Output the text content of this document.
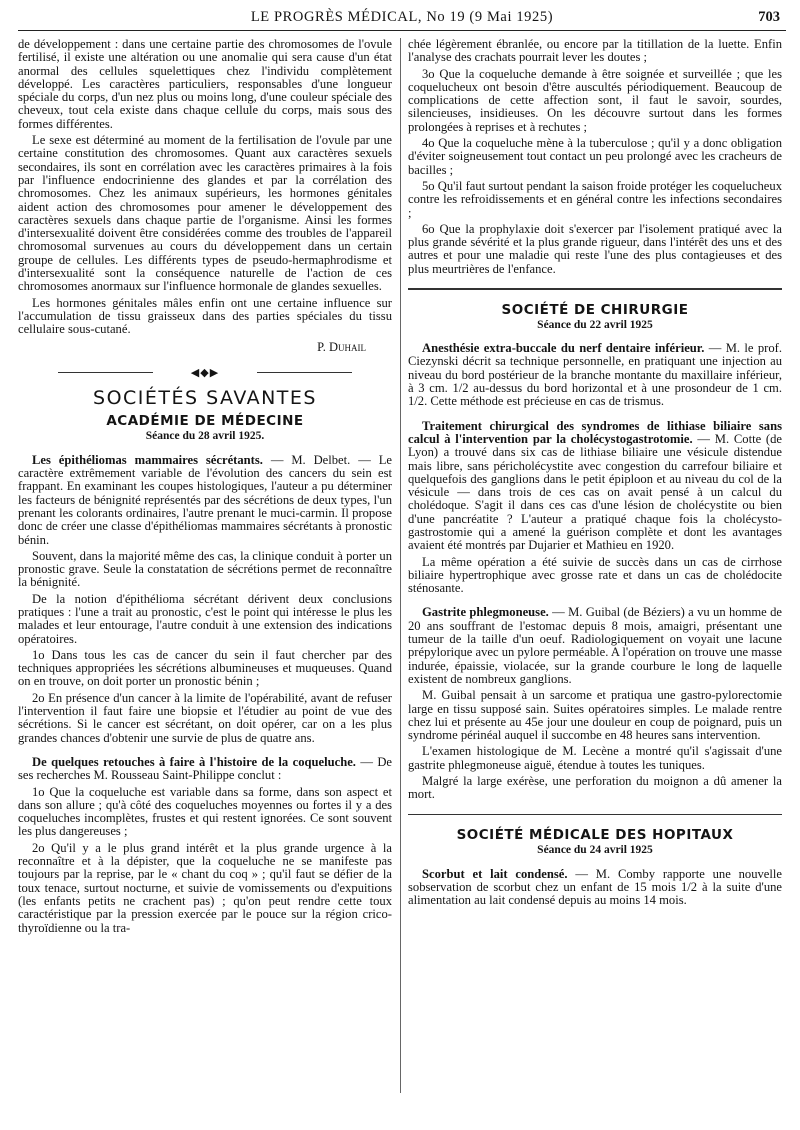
LE PROGRÈS MÉDICAL, No 19 (9 Mai 1925)	703

de développement : dans une certaine partie des chromosomes de l'ovule fertilisé, il existe une altération ou une anomalie qui sera cause d'un état anormal des cellules squelettiques chez l'individu complètement développé. Les caractères particuliers, responsables d'une longueur spéciale du corps, d'un nez plus ou moins long, d'une couleur spéciale des cheveux, tout cela existe dans chaque cellule du corps, mais sous des formes différentes.

Le sexe est déterminé au moment de la fertilisation de l'ovule par une certaine constitution des chromosomes. Quant aux caractères sexuels secondaires, ils sont en corrélation avec les caractères primaires à la fois par l'influence endocrinienne des glandes et par la corrélation des chromosomes. Chez les animaux supérieurs, les hormones génitales aident action des chromosomes pour amener le développement des caractères sexuels dans chaque partie de l'organisme. Ainsi les formes d'intersexualité doivent être considérées comme des troubles de l'appareil chromosomal survenues au cours du développement dans un certain groupe de cellules. Les différents types de pseudo-hermaphrodisme et d'intersexualité sont la conséquence naturelle de l'action de ces chromosomes anormaux sur l'influence hormonale de glandes sexuelles.

Les hormones génitales mâles enfin ont une certaine influence sur l'accumulation de tissu graisseux dans des parties spéciales du tissu cellulaire sous-cutané.

P. Duhail
◀◆▶
SOCIÉTÉS SAVANTES
ACADÉMIE DE MÉDECINE
Séance du 28 avril 1925.

Les épithéliomas mammaires sécrétants. — M. Delbet. — Le caractère extrêmement variable de l'évolution des cancers du sein est frappant. En examinant les coupes histologiques, l'auteur a pu déterminer les facteurs de bénignité représentés par des sécrétions de deux types, l'un prenant les colorants ordinaires, l'autre prenant le muci-carmin. Il propose donc de créer une classe d'épithéliomas mammaires sécrétants à pronostic bénin.

Souvent, dans la majorité même des cas, la clinique conduit à porter un pronostic grave. Seule la constatation de sécrétions permet de reconnaître la bénignité.

De la notion d'épithélioma sécrétant dérivent deux conclusions pratiques : l'une a trait au pronostic, c'est le point qui intéresse le plus les malades et leur entourage, l'autre conduit à une extension des indications opératoires.

1o Dans tous les cas de cancer du sein il faut chercher par des techniques appropriées les sécrétions albumineuses et muqueuses. Quand on en trouve, on doit porter un pronostic bénin ;

2o En présence d'un cancer à la limite de l'opérabilité, avant de refuser l'intervention il faut faire une biopsie et l'étudier au point de vue des sécrétions. Si le cancer est sécrétant, on doit opérer, car on a les plus grandes chances d'obtenir une survie de plus de quatre ans.

De quelques retouches à faire à l'histoire de la coqueluche. — De ses recherches M. Rousseau Saint-Philippe conclut :

1o Que la coqueluche est variable dans sa forme, dans son aspect et dans son allure ; qu'à côté des coqueluches moyennes ou fortes il y a des coqueluches incomplètes, frustes et qui restent ignorées. Ce sont souvent les plus dangereuses ;

2o Qu'il y a le plus grand intérêt et la plus grande urgence à la reconnaître et à la dépister, que la coqueluche ne se manifeste pas toujours par la reprise, par le « chant du coq » ; qu'il faut se défier de la toux tenace, surtout nocturne, et suivie de vomissements ou d'expuitions (les enfants petits ne crachent pas) ; qu'on peut rendre cette toux caractéristique par la pression exercée par le pouce sur la région crico-thyroïdienne ou la tra-

chée légèrement ébranlée, ou encore par la titillation de la luette. Enfin l'analyse des crachats pourrait lever les doutes ;

3o Que la coqueluche demande à être soignée et surveillée ; que les coquelucheux ont besoin d'être auscultés périodiquement. Beaucoup de complications de cette affection sont, il faut le savoir, sourdes, silencieuses, insidieuses. On les découvre surtout dans les formes prolongées à reprises et à rechutes ;

4o Que la coqueluche mène à la tuberculose ; qu'il y a donc obligation d'éviter soigneusement tout contact un peu prolongé avec les cracheurs de bacilles ;

5o Qu'il faut surtout pendant la saison froide protéger les coquelucheux contre les refroidissements et en général contre les infections secondaires ;

6o Que la prophylaxie doit s'exercer par l'isolement pratiqué avec la plus grande sévérité et la plus grande rigueur, dans l'intérêt des uns et des autres et pour une maladie qui reste l'une des plus contagieuses et des plus meurtrières de l'enfance.

SOCIÉTÉ DE CHIRURGIE
Séance du 22 avril 1925

Anesthésie extra-buccale du nerf dentaire inférieur. — M. le prof. Ciezynski décrit sa technique personnelle, en pratiquant une injection au niveau du bord postérieur de la branche montante du maxillaire inférieur, à 3 cm. 1/2 au-dessus du bord horizontal et à une prosondeur de 1 cm. 1/2. Cette méthode est précieuse en cas de trismus.

Traitement chirurgical des syndromes de lithiase biliaire sans calcul à l'intervention par la cholécystogastrotomie. — M. Cotte (de Lyon) a trouvé dans six cas de lithiase biliaire une vésicule distendue mais libre, sans péricholécystite avec congestion du carrefour biliaire et quelquefois des ganglions dans le petit épiploon et au niveau du col de la vésicule — dans trois de ces cas on avait pensé à un calcul du cholédoque. S'agit il dans ces cas d'une lésion de cholécystite ou bien d'une pancréatite ? L'auteur a pratiqué chaque fois la cholécysto-gastrostomie qui a amené la guérison complète et dont les avantages avaient été montrés par Dujarier et Mathieu en 1920.

La même opération a été suivie de succès dans un cas de cirrhose biliaire hypertrophique avec grosse rate et dans un cas de cholédocite sténosante.

Gastrite phlegmoneuse. — M. Guibal (de Béziers) a vu un homme de 20 ans souffrant de l'estomac depuis 8 mois, amaigri, présentant une tumeur de la taille d'un oeuf. Radiologiquement on voyait une lacune prépylorique avec un pylore perméable. A l'opération on trouve une masse indurée, épaissie, violacée, sur la grande courbure le long de laquelle existent de nombreux ganglions.

M. Guibal pensait à un sarcome et pratiqua une gastro-pylorectomie large en tissu supposé sain. Suites opératoires simples. Le malade rentre chez lui et présente au 45e jour une douleur en coup de poignard, puis un syndrome périnéal auquel il succombe en 48 heures sans intervention.

L'examen histologique de M. Lecène a montré qu'il s'agissait d'une gastrite phlegmoneuse aiguë, étendue à toutes les tuniques.

Malgré la large exérèse, une perforation du moignon a dû amener la mort.

SOCIÉTÉ MÉDICALE DES HOPITAUX
Séance du 24 avril 1925

Scorbut et lait condensé. — M. Comby rapporte une nouvelle sobservation de scorbut chez un enfant de 15 mois 1/2 à la suite d'une alimentation au lait condensé depuis au moins 14 mois.
